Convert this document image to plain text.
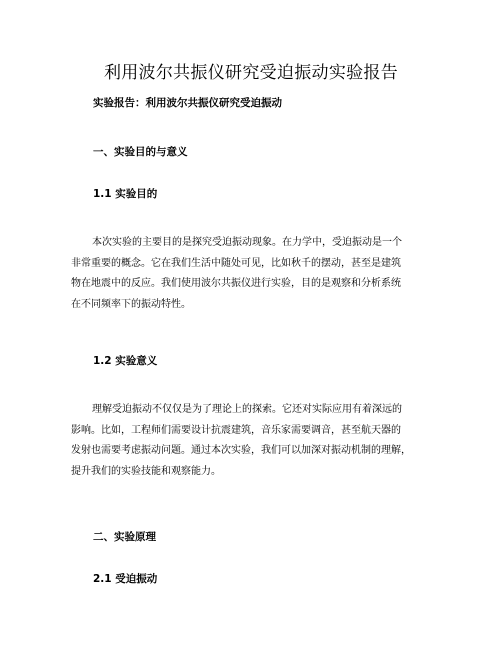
利用波尔共振仪研究受迫振动实验报告
实验报告：利用波尔共振仪研究受迫振动
一、实验目的与意义
1.1 实验目的
本次实验的主要目的是探究受迫振动现象。在力学中，受迫振动是一个
非常重要的概念。它在我们生活中随处可见，比如秋千的摆动，甚至是建筑
物在地震中的反应。我们使用波尔共振仪进行实验，目的是观察和分析系统
在不同频率下的振动特性。
1.2 实验意义
理解受迫振动不仅仅是为了理论上的探索。它还对实际应用有着深远的
影响。比如，工程师们需要设计抗震建筑，音乐家需要调音，甚至航天器的
发射也需要考虑振动问题。通过本次实验，我们可以加深对振动机制的理解，
提升我们的实验技能和观察能力。
二、实验原理
2.1 受迫振动
